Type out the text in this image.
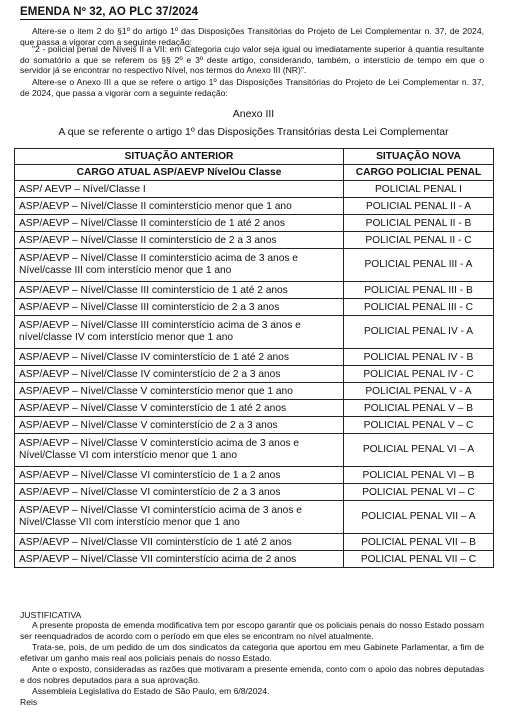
EMENDA Nº 32, AO PLC 37/2024
Altere-se o item 2 do §1º do artigo 1º das Disposições Transitórias do Projeto de Lei Complementar n. 37, de 2024, que passa a vigorar com a seguinte redação:
"2 - policial penal de Níveis II a VII: em Categoria cujo valor seja igual ou imediatamente superior à quantia resultante do somatório a que se referem os §§ 2º e 3º deste artigo, considerando, também, o interstício de tempo em que o servidor já se encontrar no respectivo Nível, nos termos do Anexo III (NR)".
Altere-se o Anexo III a que se refere o artigo 1º das Disposições Transitórias do Projeto de Lei Complementar n. 37, de 2024, que passa a vigorar com a seguinte redação:
Anexo III
A que se referente o artigo 1º das Disposições Transitórias desta Lei Complementar
SITUAÇÃO ANTERIOR	SITUAÇÃO NOVA
CARGO ATUAL ASP/AEVP NívelOu Classe	CARGO POLICIAL PENAL
ASP/ AEVP – Nível/Classe I	POLICIAL PENAL I
ASP/AEVP – Nível/Classe II cominterstício menor que 1 ano	POLICIAL PENAL II - A
ASP/AEVP – Nível/Classe II cominterstício de 1 até 2 anos	POLICIAL PENAL II - B
ASP/AEVP – Nível/Classe II cominterstício de 2 a 3 anos	POLICIAL PENAL II - C
ASP/AEVP – Nível/Classe II cominterstício acima de 3 anos e Nível/casse III com interstício menor que 1 ano	POLICIAL PENAL III - A
ASP/AEVP – Nível/Classe III cominterstício de 1 até 2 anos	POLICIAL PENAL III - B
ASP/AEVP – Nível/Classe III cominterstício de 2 a 3 anos	POLICIAL PENAL III - C
ASP/AEVP – Nível/Classe III cominterstício acima de 3 anos e nível/classe IV com interstício menor que 1 ano	POLICIAL PENAL IV - A
ASP/AEVP – Nível/Classe IV cominterstício de 1 até 2 anos	POLICIAL PENAL IV - B
ASP/AEVP – Nível/Classe IV cominterstício de 2 a 3 anos	POLICIAL PENAL IV - C
ASP/AEVP – Nível/Classe V cominterstício menor que 1 ano	POLICIAL PENAL V - A
ASP/AEVP – Nível/Classe V cominterstício de 1 até 2 anos	POLICIAL PENAL V – B
ASP/AEVP – Nível/Classe V cominterstício de 2 a 3 anos	POLICIAL PENAL V – C
ASP/AEVP – Nível/Classe V cominterstício acima de 3 anos e Nível/Classe VI com interstício menor que 1 ano	POLICIAL PENAL VI – A
ASP/AEVP – Nível/Classe VI cominterstício de 1 a 2 anos	POLICIAL PENAL VI – B
ASP/AEVP – Nível/Classe VI cominterstício de 2 a 3 anos	POLICIAL PENAL VI – C
ASP/AEVP – Nível/Classe VI cominterstício acima de 3 anos e Nível/Classe VII com interstício menor que 1 ano	POLICIAL PENAL VII – A
ASP/AEVP – Nível/Classe VII cominterstício de 1 até 2 anos	POLICIAL PENAL VII – B
ASP/AEVP – Nível/Classe VII cominterstício acima de 2 anos	POLICIAL PENAL VII – C
JUSTIFICATIVA
A presente proposta de emenda modificativa tem por escopo garantir que os policiais penais do nosso Estado possam ser reenquadrados de acordo com o período em que eles se encontram no nível atualmente.
Trata-se, pois, de um pedido de um dos sindicatos da categoria que aportou em meu Gabinete Parlamentar, a fim de efetivar um ganho mais real aos policiais penais do nosso Estado.
Ante o exposto, consideradas as razões que motivaram a presente emenda, conto com o apoio das nobres deputadas e dos nobres deputados para a sua aprovação.
Assembleia Legislativa do Estado de São Paulo, em 6/8/2024.
Reis
